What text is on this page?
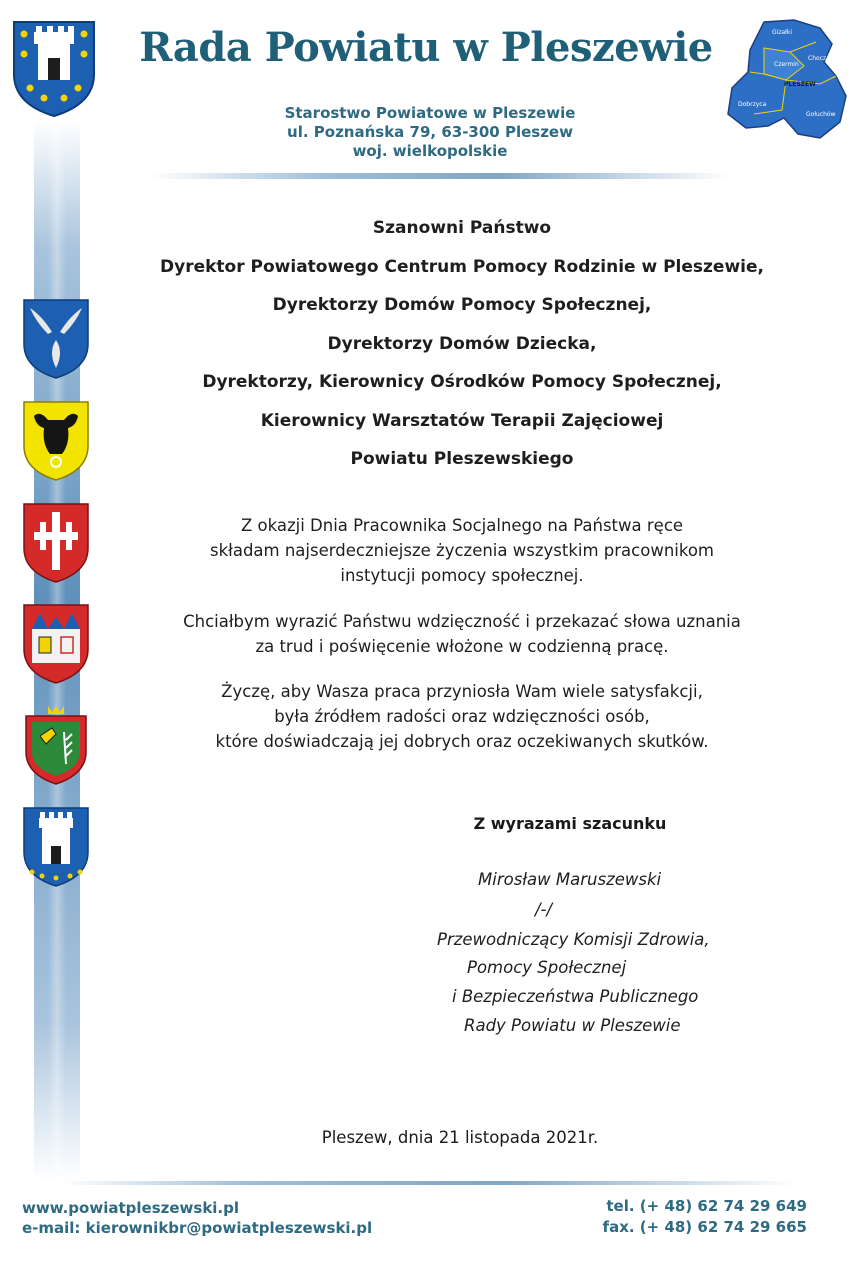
Rada Powiatu w Pleszewie	Gizałki
Chocz
Czermin
PLESZEW
Dobrzyca
Gołuchów
Starostwo Powiatowe w Pleszewie
ul. Poznańska 79, 63-300 Pleszew
woj. wielkopolskie
Szanowni Państwo
Dyrektor Powiatowego Centrum Pomocy Rodzinie w Pleszewie,
Dyrektorzy Domów Pomocy Społecznej,
Dyrektorzy Domów Dziecka,
Dyrektorzy, Kierownicy Ośrodków Pomocy Społecznej,
Kierownicy Warsztatów Terapii Zajęciowej
Powiatu Pleszewskiego
Z okazji Dnia Pracownika Socjalnego na Państwa ręce
składam najserdeczniejsze życzenia wszystkim pracownikom
instytucji pomocy społecznej.
Chciałbym wyrazić Państwu wdzięczność i przekazać słowa uznania
za trud i poświęcenie włożone w codzienną pracę.
Życzę, aby Wasza praca przyniosła Wam wiele satysfakcji,
była źródłem radości oraz wdzięczności osób,
które doświadczają jej dobrych oraz oczekiwanych skutków.
Z wyrazami szacunku
Mirosław Maruszewski
/-/
Przewodniczący Komisji Zdrowia,
Pomocy Społecznej
i Bezpieczeństwa Publicznego
Rady Powiatu w Pleszewie
Pleszew, dnia 21 listopada 2021r.
www.powiatpleszewski.pl
e-mail: kierownikbr@powiatpleszewski.pl
tel. (+ 48) 62 74 29 649
fax. (+ 48) 62 74 29 665
